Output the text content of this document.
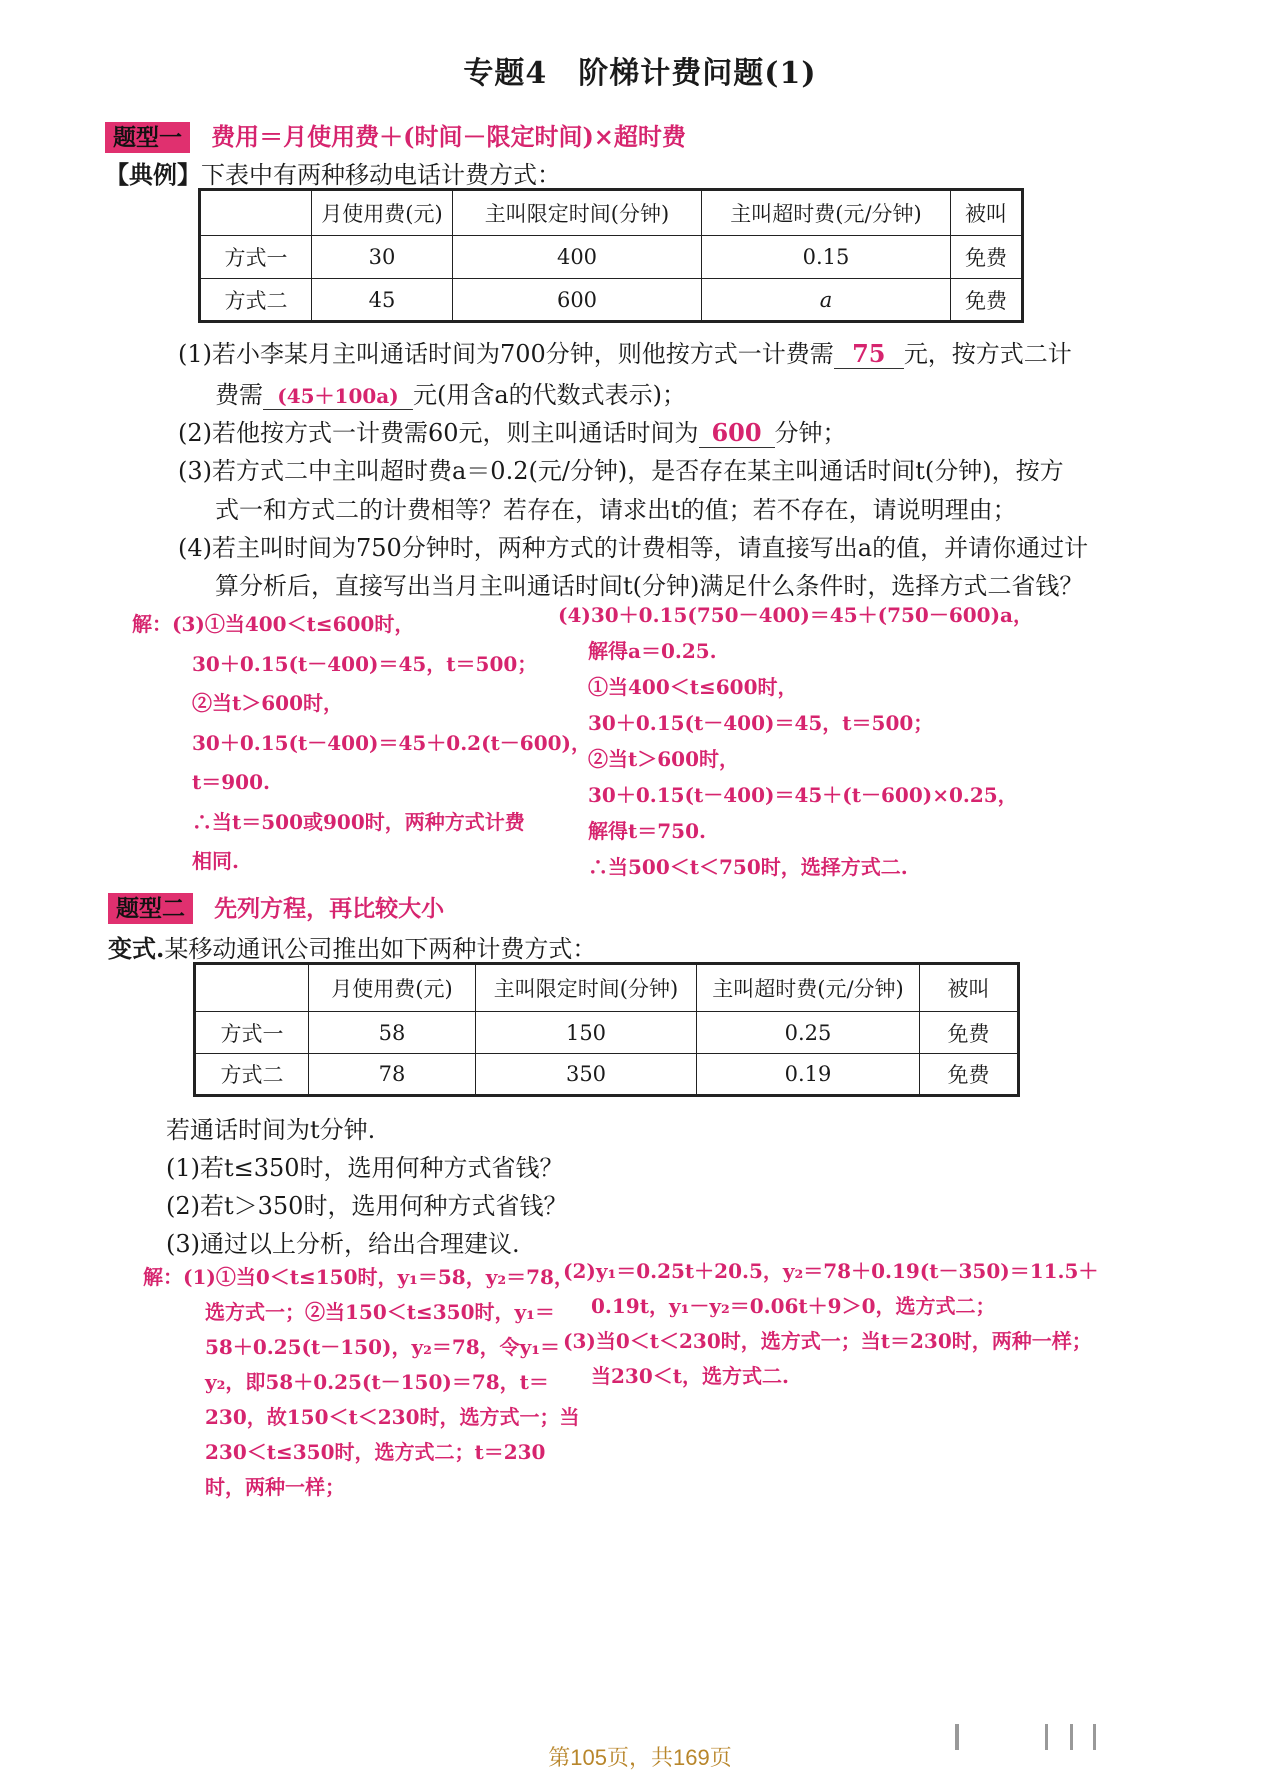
专题4　阶梯计费问题(1)
题型一 费用＝月使用费＋(时间－限定时间)×超时费
【典例】下表中有两种移动电话计费方式：
	月使用费(元)	主叫限定时间(分钟)	主叫超时费(元/分钟)	被叫
方式一	30	400	0.15	免费
方式二	45	600	a	免费
(1)若小李某月主叫通话时间为700分钟，则他按方式一计费需 75 元，按方式二计
费需 (45＋100a) 元(用含a的代数式表示)；
(2)若他按方式一计费需60元，则主叫通话时间为 600 分钟；
(3)若方式二中主叫超时费a＝0.2(元/分钟)，是否存在某主叫通话时间t(分钟)，按方
式一和方式二的计费相等？若存在，请求出t的值；若不存在，请说明理由；
(4)若主叫时间为750分钟时，两种方式的计费相等，请直接写出a的值，并请你通过计
算分析后，直接写出当月主叫通话时间t(分钟)满足什么条件时，选择方式二省钱？
解：(3)①当400＜t≤600时，
30＋0.15(t－400)＝45，t＝500；
②当t＞600时，
30＋0.15(t－400)＝45＋0.2(t－600)，
t＝900.
∴当t＝500或900时，两种方式计费
相同.
(4)30＋0.15(750－400)＝45＋(750－600)a，
解得a＝0.25.
①当400＜t≤600时，
30＋0.15(t－400)＝45，t＝500；
②当t＞600时，
30＋0.15(t－400)＝45＋(t－600)×0.25，
解得t＝750.
∴当500＜t＜750时，选择方式二.
题型二 先列方程，再比较大小
变式.某移动通讯公司推出如下两种计费方式：
	月使用费(元)	主叫限定时间(分钟)	主叫超时费(元/分钟)	被叫
方式一	58	150	0.25	免费
方式二	78	350	0.19	免费
若通话时间为t分钟.
(1)若t≤350时，选用何种方式省钱？
(2)若t＞350时，选用何种方式省钱？
(3)通过以上分析，给出合理建议.
解：(1)①当0＜t≤150时，y₁＝58，y₂＝78，
选方式一；②当150＜t≤350时，y₁＝
58＋0.25(t－150)，y₂＝78，令y₁＝
y₂，即58＋0.25(t－150)＝78，t＝
230，故150＜t＜230时，选方式一；当
230＜t≤350时，选方式二；t＝230
时，两种一样；
(2)y₁＝0.25t＋20.5，y₂＝78＋0.19(t－350)＝11.5＋
0.19t，y₁－y₂＝0.06t＋9＞0，选方式二；
(3)当0＜t＜230时，选方式一；当t＝230时，两种一样；
当230＜t，选方式二.
第105页，共169页
